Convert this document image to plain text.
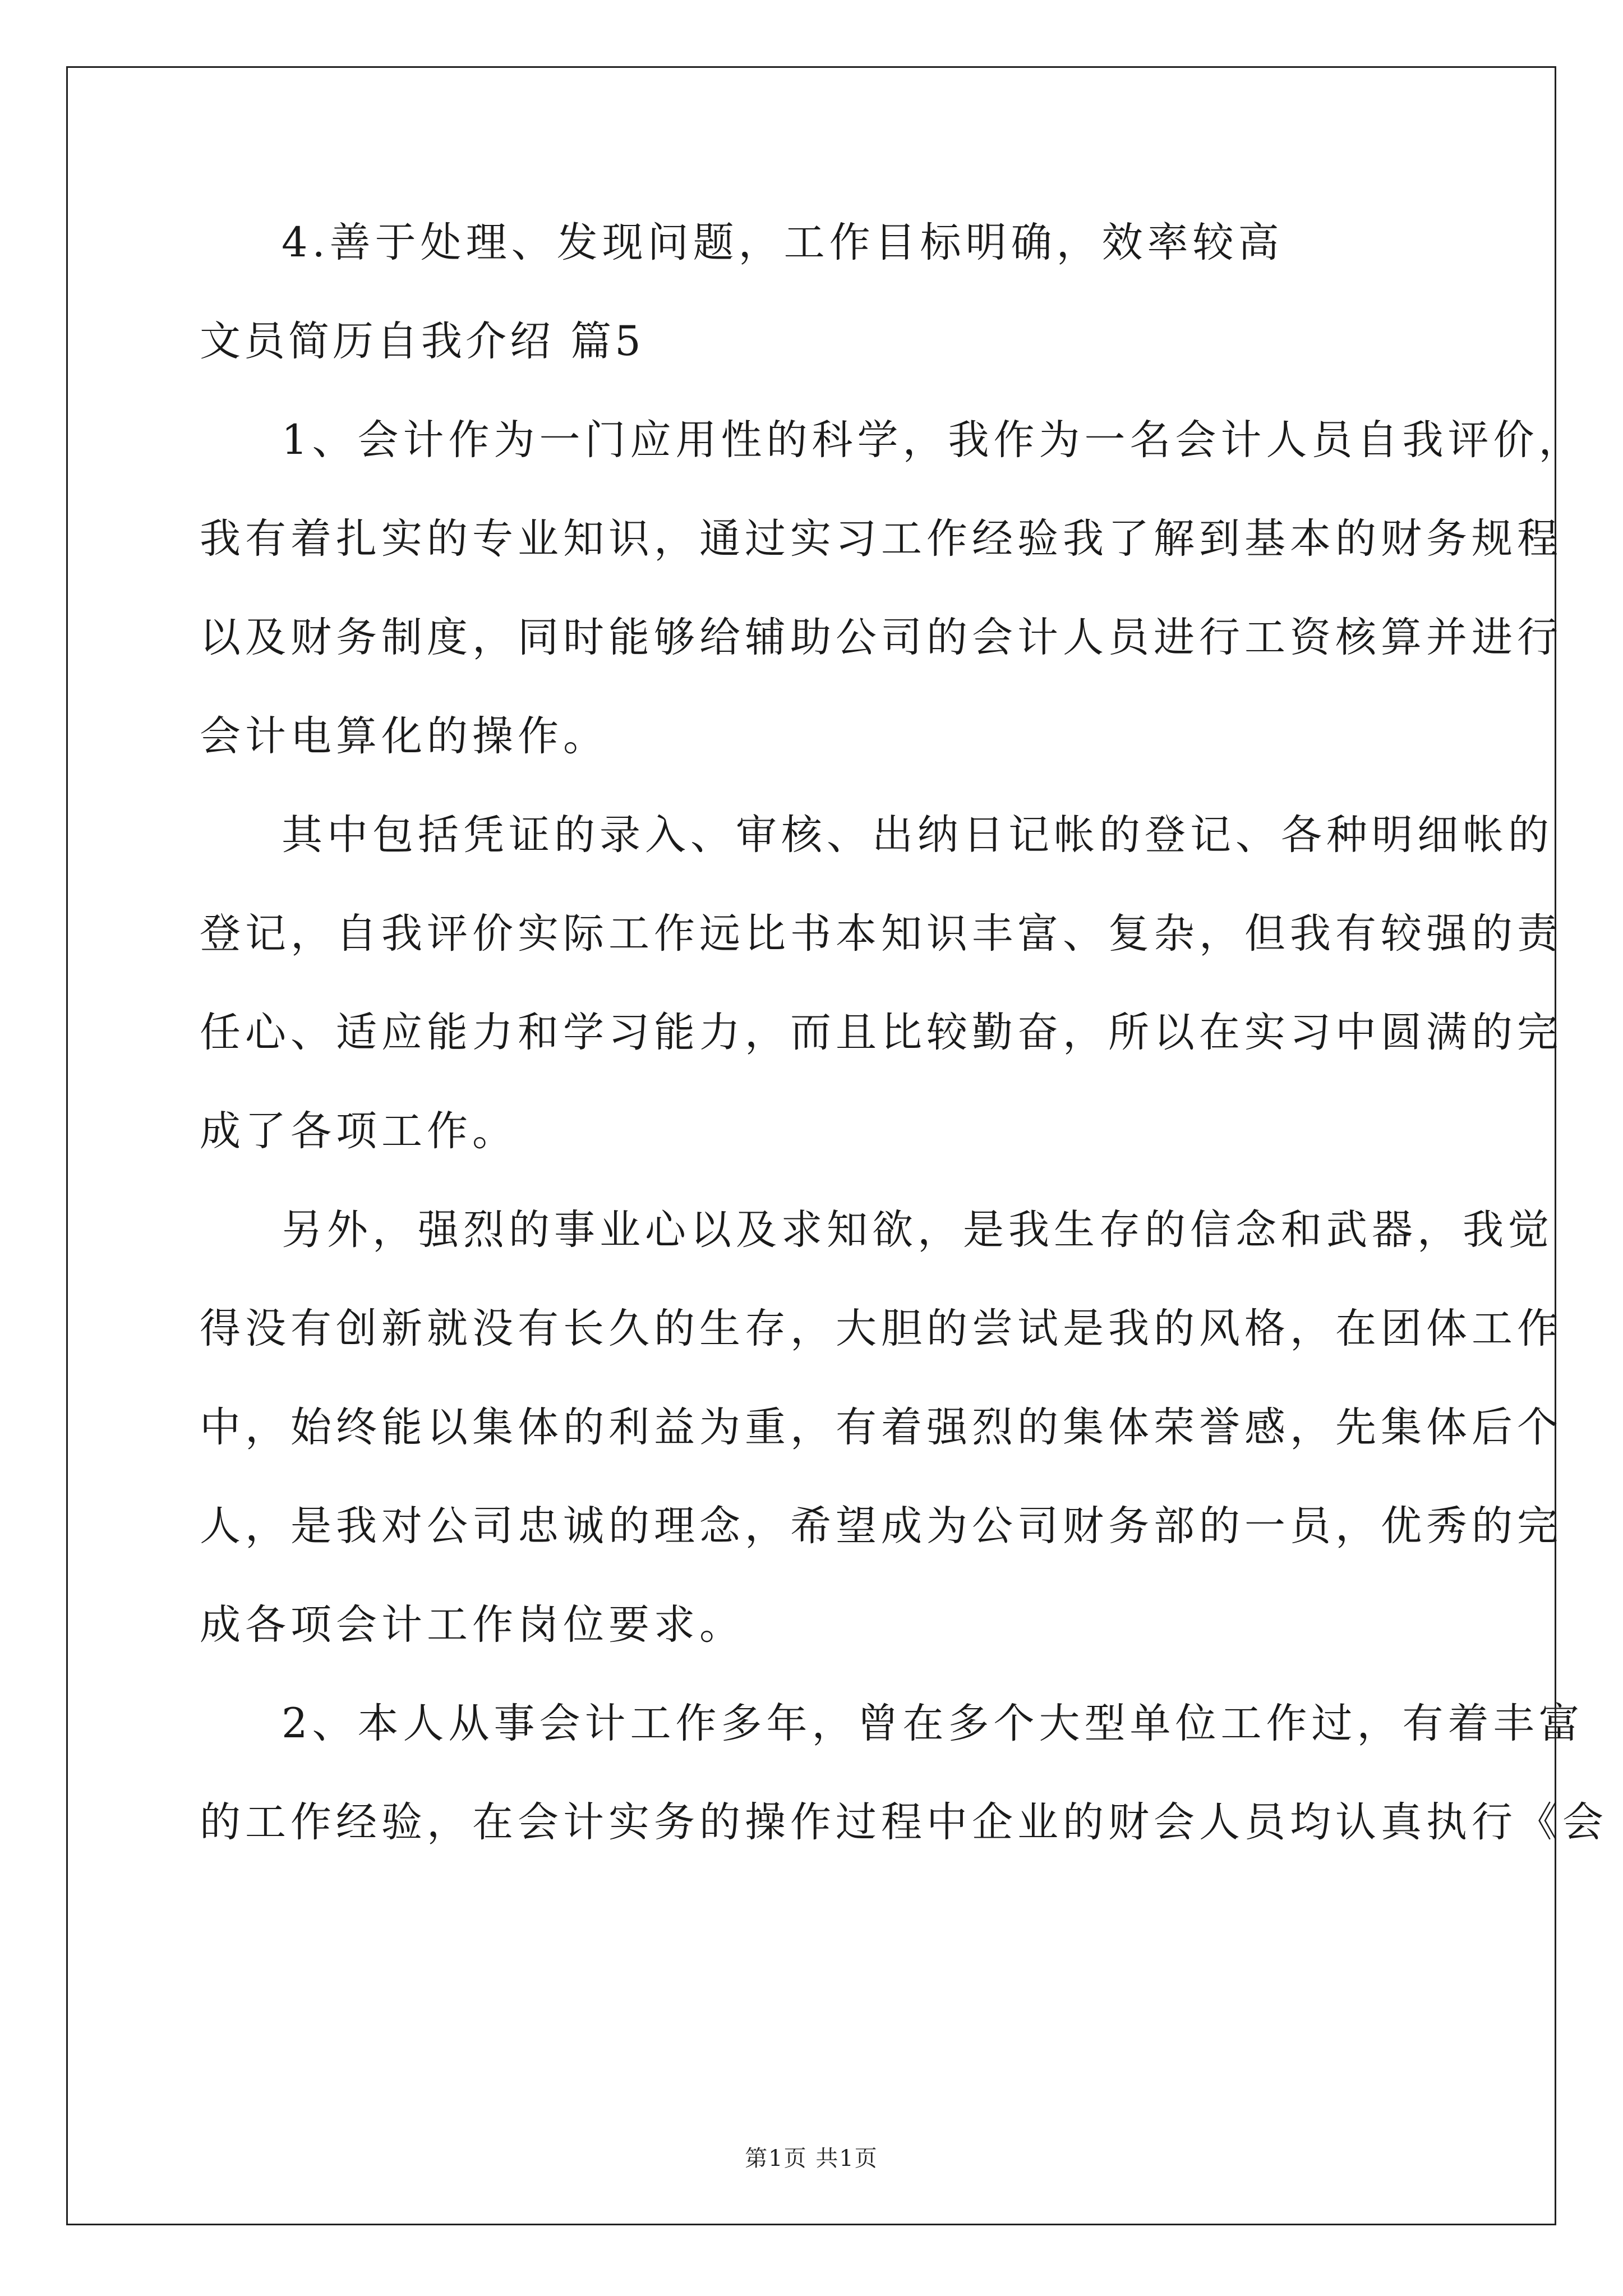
4.善于处理、发现问题，工作目标明确，效率较高
文员简历自我介绍 篇5
1、会计作为一门应用性的科学，我作为一名会计人员自我评价，
我有着扎实的专业知识，通过实习工作经验我了解到基本的财务规程
以及财务制度，同时能够给辅助公司的会计人员进行工资核算并进行
会计电算化的操作。
其中包括凭证的录入、审核、出纳日记帐的登记、各种明细帐的
登记，自我评价实际工作远比书本知识丰富、复杂，但我有较强的责
任心、适应能力和学习能力，而且比较勤奋，所以在实习中圆满的完
成了各项工作。
另外，强烈的事业心以及求知欲，是我生存的信念和武器，我觉
得没有创新就没有长久的生存，大胆的尝试是我的风格，在团体工作
中，始终能以集体的利益为重，有着强烈的集体荣誉感，先集体后个
人，是我对公司忠诚的理念，希望成为公司财务部的一员，优秀的完
成各项会计工作岗位要求。
2、本人从事会计工作多年，曾在多个大型单位工作过，有着丰富
的工作经验，在会计实务的操作过程中企业的财会人员均认真执行《会
第1页 共1页
